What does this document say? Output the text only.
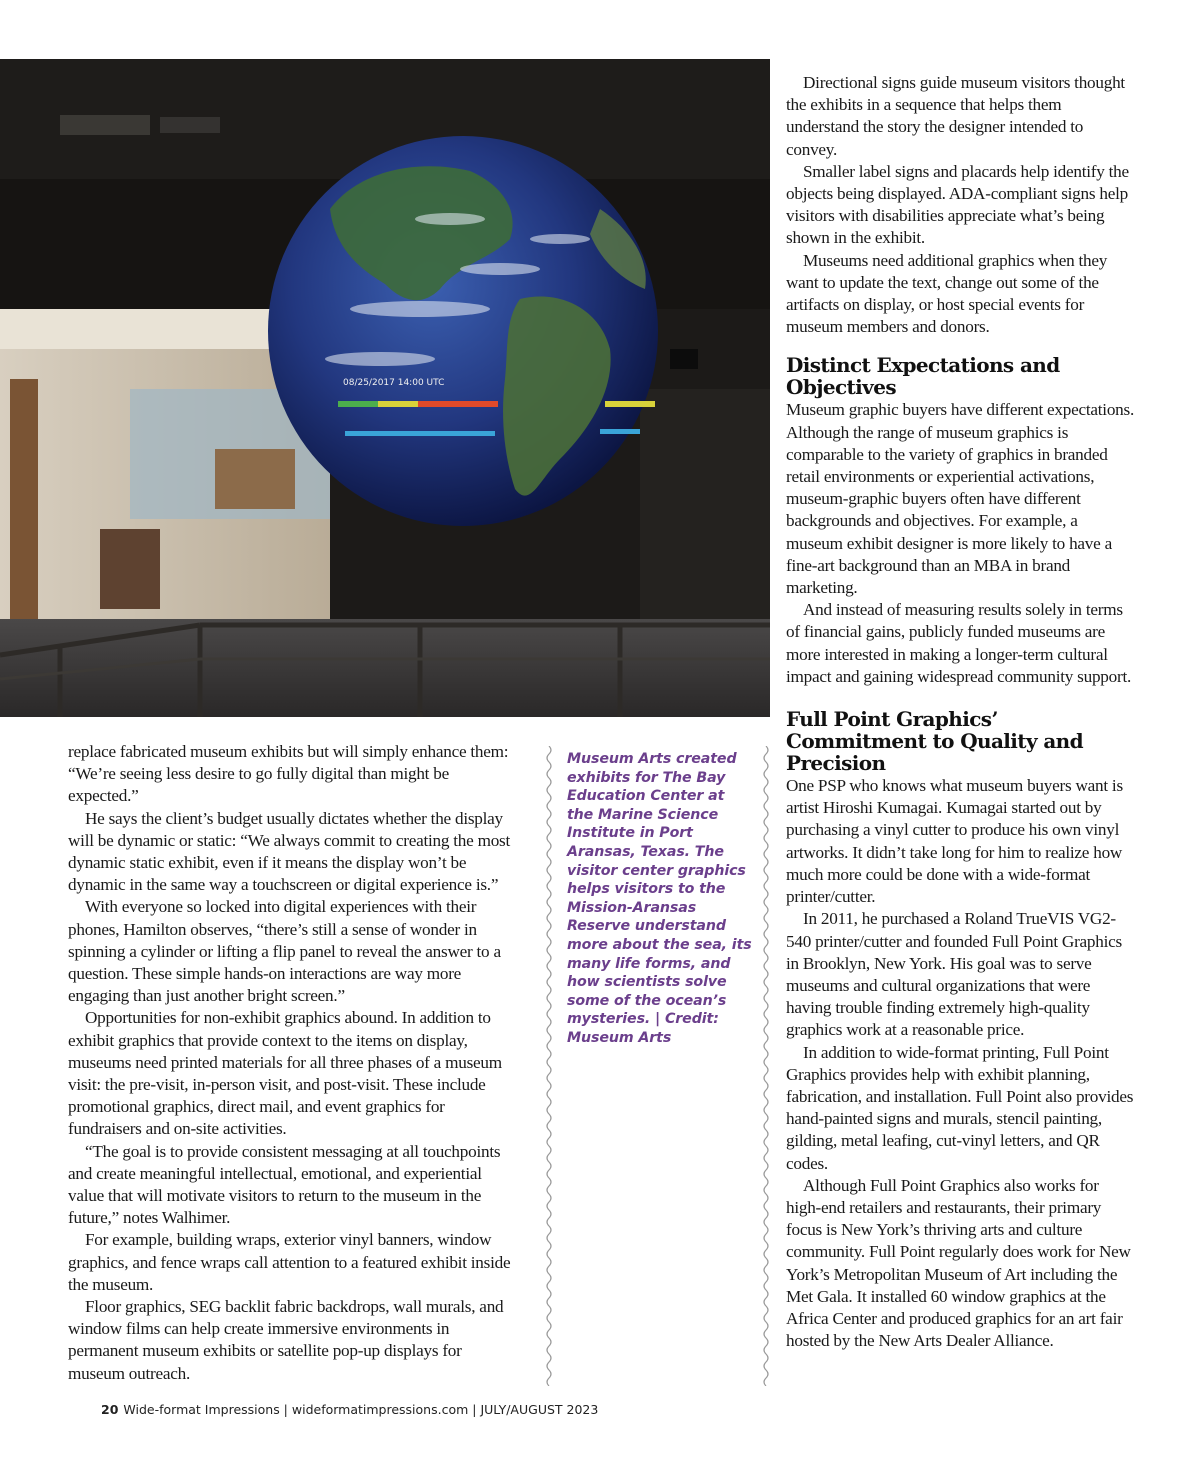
08/25/2017 14:00 UTC

replace fabricated museum exhibits but will simply enhance them: “We’re seeing less desire to go fully digital than might be expected.”

He says the client’s budget usually dictates whether the display will be dynamic or static: “We always commit to creating the most dynamic static exhibit, even if it means the display won’t be dynamic in the same way a touchscreen or digital experience is.”

With everyone so locked into digital experiences with their phones, Hamilton observes, “there’s still a sense of wonder in spinning a cylinder or lifting a flip panel to reveal the answer to a question. These simple hands-on interactions are way more engaging than just another bright screen.”

Opportunities for non-exhibit graphics abound. In addition to exhibit graphics that provide context to the items on display, museums need printed materials for all three phases of a museum visit: the pre-visit, in-person visit, and post-visit. These include promotional graphics, direct mail, and event graphics for fundraisers and on-site activities.

“The goal is to provide consistent messaging at all touchpoints and create meaningful intellectual, emotional, and experiential value that will motivate visitors to return to the museum in the future,” notes Walhimer.

For example, building wraps, exterior vinyl banners, window graphics, and fence wraps call attention to a featured exhibit inside the museum.

Floor graphics, SEG backlit fabric backdrops, wall murals, and window films can help create immersive environments in permanent museum exhibits or satellite pop-up displays for museum outreach.

Museum Arts created exhibits for The Bay Education Center at the Marine Science Institute in Port Aransas, Texas. The visitor center graphics helps visitors to the Mission-Aransas Reserve understand more about the sea, its many life forms, and how scientists solve some of the ocean’s mysteries. | Credit: Museum Arts

Directional signs guide museum visitors thought the exhibits in a sequence that helps them understand the story the designer intended to convey.

Smaller label signs and placards help identify the objects being displayed. ADA-compliant signs help visitors with disabilities appreciate what’s being shown in the exhibit.

Museums need additional graphics when they want to update the text, change out some of the artifacts on display, or host special events for museum members and donors.

Distinct Expectations and Objectives

Museum graphic buyers have different expectations. Although the range of museum graphics is comparable to the variety of graphics in branded retail environments or experiential activations, museum-graphic buyers often have different backgrounds and objectives. For example, a museum exhibit designer is more likely to have a fine-art background than an MBA in brand marketing.

And instead of measuring results solely in terms of financial gains, publicly funded museums are more interested in making a longer-term cultural impact and gaining widespread community support.

Full Point Graphics’ Commitment to Quality and Precision

One PSP who knows what museum buyers want is artist Hiroshi Kumagai. Kumagai started out by purchasing a vinyl cutter to produce his own vinyl artworks. It didn’t take long for him to realize how much more could be done with a wide-format printer/cutter.

In 2011, he purchased a Roland TrueVIS VG2-540 printer/cutter and founded Full Point Graphics in Brooklyn, New York. His goal was to serve museums and cultural organizations that were having trouble finding extremely high-quality graphics work at a reasonable price.

In addition to wide-format printing, Full Point Graphics provides help with exhibit planning, fabrication, and installation. Full Point also provides hand-painted signs and murals, stencil painting, gilding, metal leafing, cut-vinyl letters, and QR codes.

Although Full Point Graphics also works for high-end retailers and restaurants, their primary focus is New York’s thriving arts and culture community. Full Point regularly does work for New York’s Metropolitan Museum of Art including the Met Gala. It installed 60 window graphics at the Africa Center and produced graphics for an art fair hosted by the New Arts Dealer Alliance.

20 Wide-format Impressions | wideformatimpressions.com | JULY/AUGUST 2023
